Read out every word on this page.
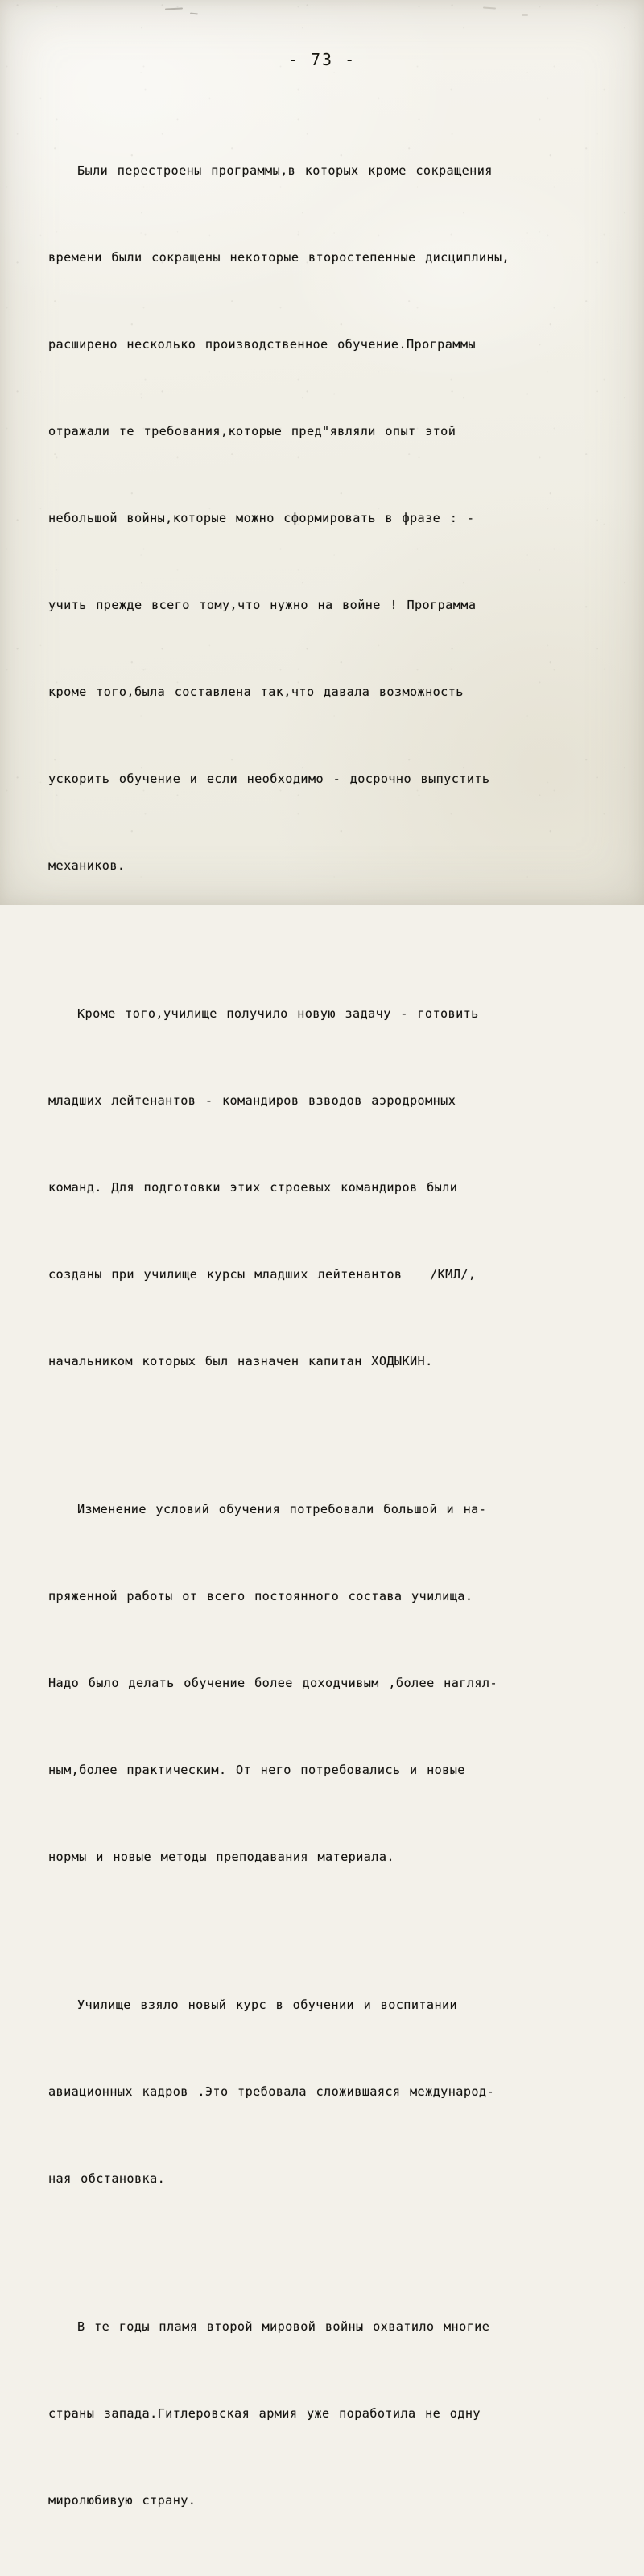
- 73 -

Были перестроены программы,в которых кроме сокращения

времени были сокращены некоторые второстепенные дисциплины,

расширено несколько производственное обучение.Программы

отражали те требования,которые пред"являли опыт этой

небольшой войны,которые можно сформировать в фразе : -

учить прежде всего тому,что нужно на войне ! Программа

кроме того,была составлена так,что давала возможность

ускорить обучение и если необходимо - досрочно выпустить

механиков.

Кроме того,училище получило новую задачу - готовить

младших лейтенантов - командиров взводов аэродромных

команд. Для подготовки этих строевых командиров были

созданы при училище курсы младших лейтенантов   /КМЛ/,

начальником которых был назначен капитан ХОДЫКИН.

Изменение условий обучения потребовали большой и на-

пряженной работы от всего постоянного состава училища.

Надо было делать обучение более доходчивым ,более наглял-

ным,более практическим. От него потребовались и новые

нормы и новые методы преподавания материала.

Училище взяло новый курс в обучении и воспитании

авиационных кадров .Это требовала сложившаяся международ-

ная обстановка.

В те годы пламя второй мировой войны охватило многие

страны запада.Гитлеровская армия уже поработила не одну

миролюбивую страну.
